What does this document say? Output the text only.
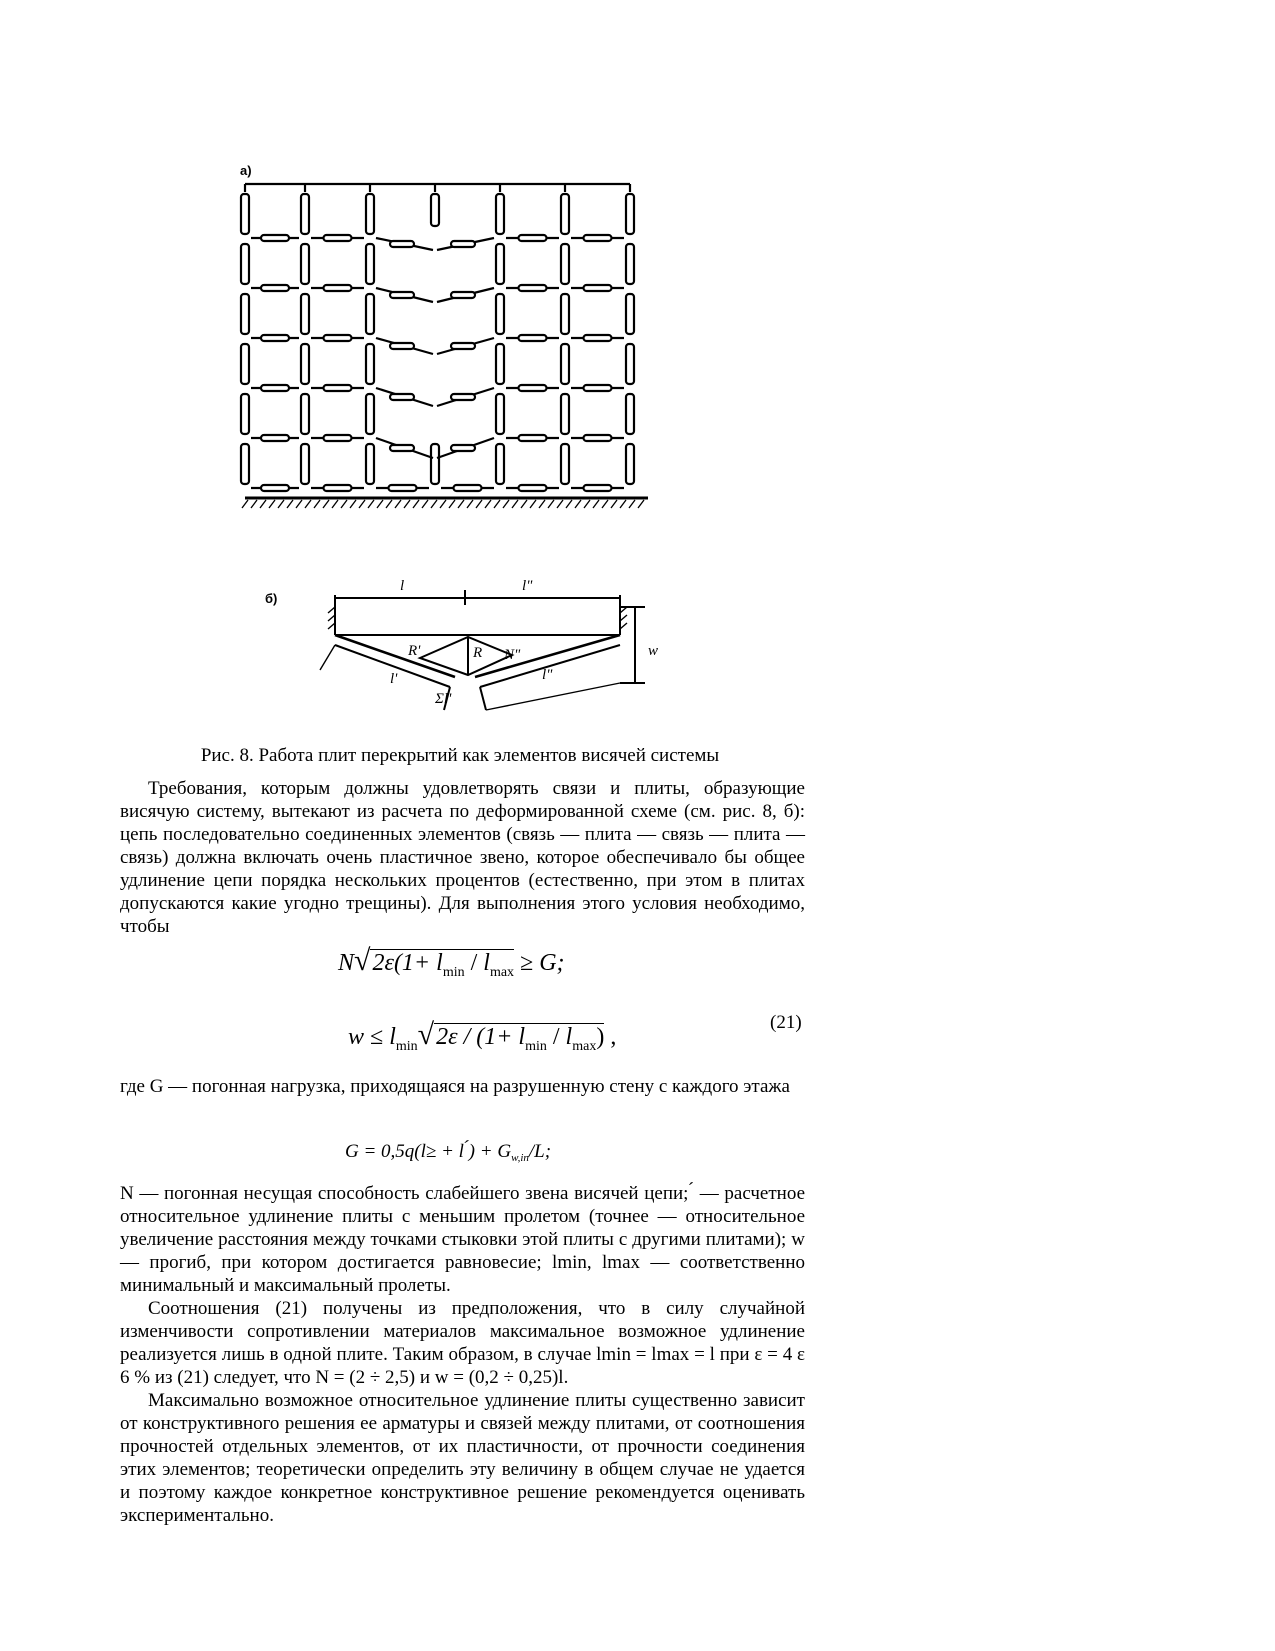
а)
б)
l	l"
R'	R N"
l'	l"
w
Σl'
Рис. 8. Работа плит перекрытий как элементов висячей системы
Требования, которым должны удовлетворять связи и плиты, образующие висячую систему, вытекают из расчета по деформированной схеме (см. рис. 8, б): цепь последовательно соединенных элементов (связь — плита — связь — плита — связь) должна включать очень пластичное звено, которое обеспечивало бы общее удлинение цепи порядка нескольких процентов (естественно, при этом в плитах допускаются какие угодно трещины). Для выполнения этого условия необходимо, чтобы
$N√2\varepsilon(1+ l_{min} / l_{max} \ge G$;
(21)
$w \le l_{min}√2\varepsilon / (1+ l_{min} / l_{max})$ ,
где G — погонная нагрузка, приходящаяся на разрушенную стену с каждого этажа
G = 0,5q(l≥ + l ́) + $G_{w,in}/L$;
N — погонная несущая способность слабейшего звена висячей цепи; ́ — расчетное относительное удлинение плиты с меньшим пролетом (точнее — относительное увеличение расстояния между точками стыковки этой плиты с другими плитами); w — прогиб, при котором достигается равновесие; lmin, lmax — соответственно минимальный и максимальный пролеты.
Соотношения (21) получены из предположения, что в силу случайной изменчивости сопротивлении материалов максимальное возможное удлинение реализуется лишь в одной плите. Таким образом, в случае lmin = lmax = l при ε = 4 ε 6 % из (21) следует, что N = (2 ÷ 2,5) и w = (0,2 ÷ 0,25)l.
Максимально возможное относительное удлинение плиты существенно зависит от конструктивного решения ее арматуры и связей между плитами, от соотношения прочностей отдельных элементов, от их пластичности, от прочности соединения этих элементов; теоретически определить эту величину в общем случае не удается и поэтому каждое конкретное конструктивное решение рекомендуется оценивать экспериментально.
